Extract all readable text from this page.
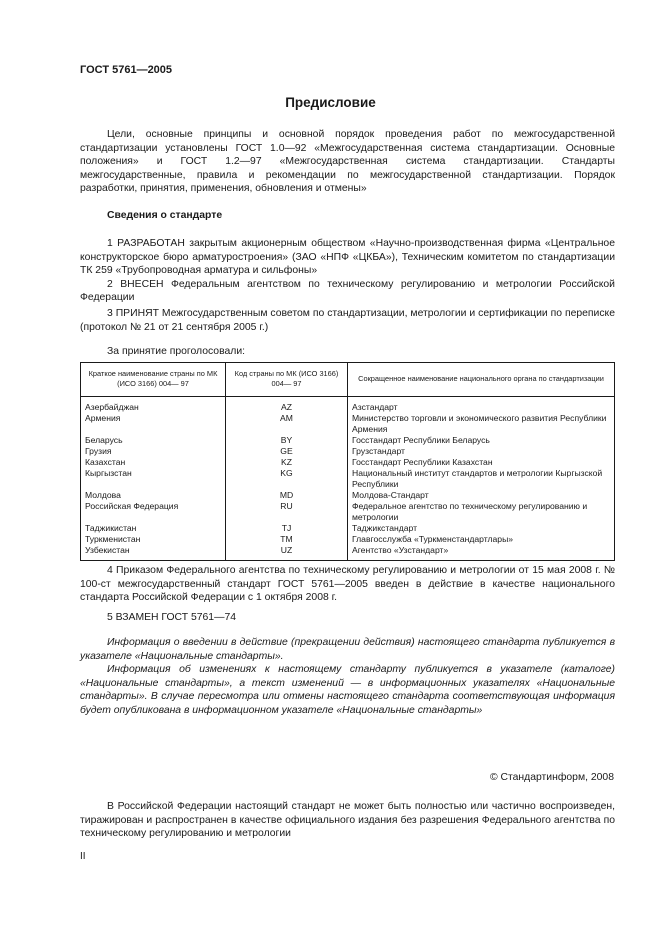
ГОСТ 5761—2005
Предисловие
Цели, основные принципы и основной порядок проведения работ по межгосударственной стандартизации установлены ГОСТ 1.0—92 «Межгосударственная система стандартизации. Основные положения» и ГОСТ 1.2—97 «Межгосударственная система стандартизации. Стандарты межгосударственные, правила и рекомендации по межгосударственной стандартизации. Порядок разработки, принятия, применения, обновления и отмены»
Сведения о стандарте

1 РАЗРАБОТАН закрытым акционерным обществом «Научно-производственная фирма «Центральное конструкторское бюро арматуростроения» (ЗАО «НПФ «ЦКБА»), Техническим комитетом по стандартизации ТК 259 «Трубопроводная арматура и сильфоны»

2 ВНЕСЕН Федеральным агентством по техническому регулированию и метрологии Российской Федерации

3 ПРИНЯТ Межгосударственным советом по стандартизации, метрологии и сертификации по переписке (протокол № 21 от 21 сентября 2005 г.)

За принятие проголосовали:
Краткое наименование страны по МК (ИСО 3166) 004— 97	Код страны по МК (ИСО 3166) 004— 97	Сокращенное наименование национального органа по стандартизации
Азербайджан	AZ	Азстандарт
Армения	AM	Министерство торговли и экономического развития Республики Армения
Беларусь	BY	Госстандарт Республики Беларусь
Грузия	GE	Грузстандарт
Казахстан	KZ	Госстандарт Республики Казахстан
Кыргызстан	KG	Национальный институт стандартов и метрологии Кыргызской Республики
Молдова	MD	Молдова-Стандарт
Российская Федерация	RU	Федеральное агентство по техническому регулированию и метрологии
Таджикистан	TJ	Таджикстандарт
Туркменистан	TM	Главгосслужба «Туркменстандартлары»
Узбекистан	UZ	Агентство «Узстандарт»
4 Приказом Федерального агентства по техническому регулированию и метрологии от 15 мая 2008 г. № 100-ст межгосударственный стандарт ГОСТ 5761—2005 введен в действие в качестве национального стандарта Российской Федерации с 1 октября 2008 г.
5 ВЗАМЕН ГОСТ 5761—74

Информация о введении в действие (прекращении действия) настоящего стандарта публикуется в указателе «Национальные стандарты».

Информация об изменениях к настоящему стандарту публикуется в указателе (каталоге) «Национальные стандарты», а текст изменений — в информационных указателях «Национальные стандарты». В случае пересмотра или отмены настоящего стандарта соответствующая информация будет опубликована в информационном указателе «Национальные стандарты»

© Стандартинформ, 2008
В Российской Федерации настоящий стандарт не может быть полностью или частично воспроизведен, тиражирован и распространен в качестве официального издания без разрешения Федерального агентства по техническому регулированию и метрологии
II
